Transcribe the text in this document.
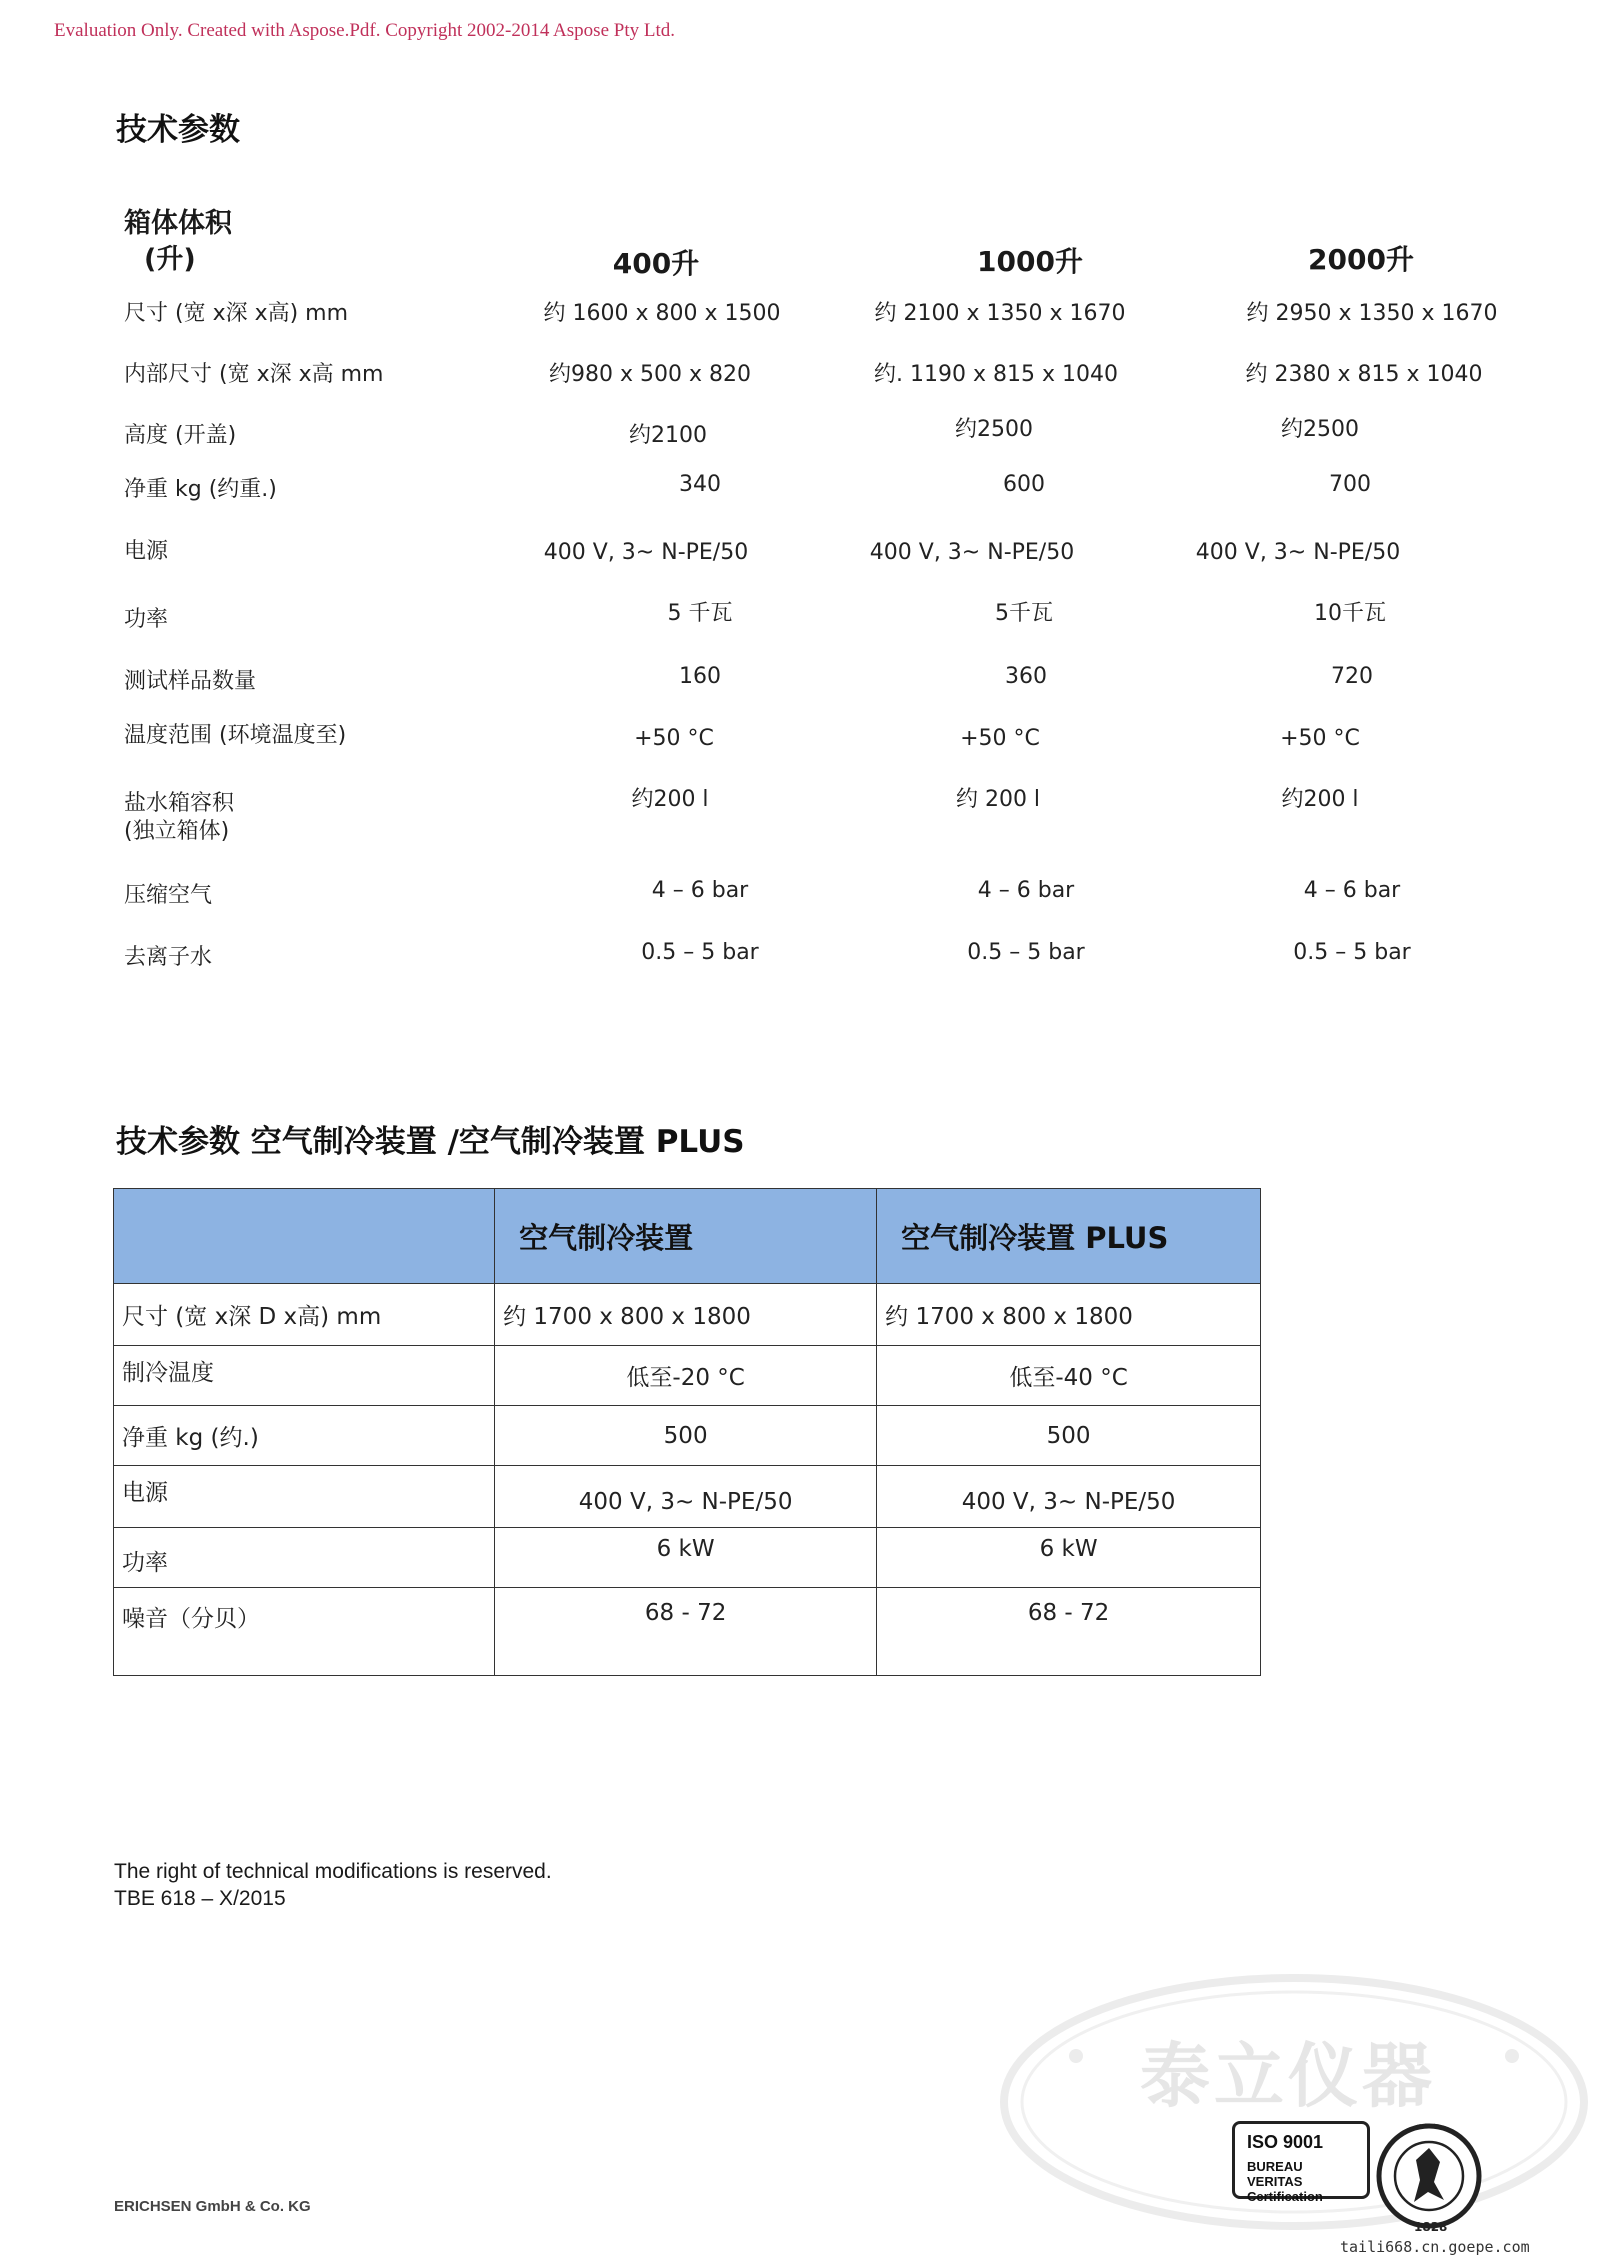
Evaluation Only. Created with Aspose.Pdf. Copyright 2002-2014 Aspose Pty Ltd.
技术参数
箱体体积
(升)	400升	1000升	2000升
尺寸 (宽 x深 x高) mm	约 1600 x 800 x 1500	约 2100 x 1350 x 1670	约 2950 x 1350 x 1670
内部尺寸 (宽 x深 x高 mm	约980 x 500 x 820	约. 1190 x 815 x 1040	约 2380 x 815 x 1040
高度 (开盖)	约2100	约2500	约2500
净重 kg (约重.)	340	600	700
电源	400 V, 3~ N-PE/50	400 V, 3~ N-PE/50	400 V, 3~ N-PE/50
功率	5 千瓦	5千瓦	10千瓦
测试样品数量	160	360	720
温度范围 (环境温度至)	+50 °C	+50 °C	+50 °C
盐水箱容积
(独立箱体)
约200 l	约 200 l	约200 l
压缩空气	4 – 6 bar	4 – 6 bar	4 – 6 bar
去离子水	0.5 – 5 bar	0.5 – 5 bar	0.5 – 5 bar
技术参数 空气制冷装置 /空气制冷装置 PLUS
	空气制冷装置	空气制冷装置 PLUS
尺寸 (宽 x深 D x高) mm	约 1700 x 800 x 1800	约 1700 x 800 x 1800
制冷温度	低至-20 °C	低至-40 °C
净重 kg (约.)	500	500
电源	400 V, 3~ N-PE/50	400 V, 3~ N-PE/50
功率	6 kW	6 kW
噪音（分贝）	68 - 72	68 - 72
The right of technical modifications is reserved.
TBE 618 – X/2015
泰立仪器
ISO 9001
BUREAU VERITAS
Certification
1828
ERICHSEN GmbH & Co. KG
taili668.cn.goepe.com
